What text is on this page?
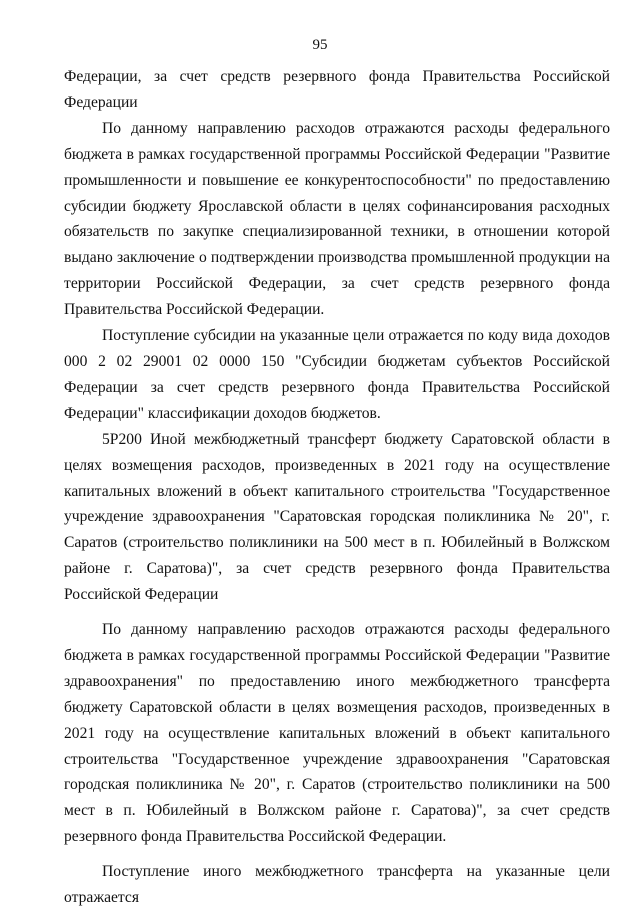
95

Федерации, за счет средств резервного фонда Правительства Российской Федерации

По данному направлению расходов отражаются расходы федерального бюджета в рамках государственной программы Российской Федерации "Развитие промышленности и повышение ее конкурентоспособности" по предоставлению субсидии бюджету Ярославской области в целях софинансирования расходных обязательств по закупке специализированной техники, в отношении которой выдано заключение о подтверждении производства промышленной продукции на территории Российской Федерации, за счет средств резервного фонда Правительства Российской Федерации.

Поступление субсидии на указанные цели отражается по коду вида доходов 000 2 02 29001 02 0000 150 "Субсидии бюджетам субъектов Российской Федерации за счет средств резервного фонда Правительства Российской Федерации" классификации доходов бюджетов.

5Р200 Иной межбюджетный трансферт бюджету Саратовской области в целях возмещения расходов, произведенных в 2021 году на осуществление капитальных вложений в объект капитального строительства "Государственное учреждение здравоохранения "Саратовская городская поликлиника № 20", г. Саратов (строительство поликлиники на 500 мест в п. Юбилейный в Волжском районе г. Саратова)", за счет средств резервного фонда Правительства Российской Федерации

По данному направлению расходов отражаются расходы федерального бюджета в рамках государственной программы Российской Федерации "Развитие здравоохранения" по предоставлению иного межбюджетного трансферта бюджету Саратовской области в целях возмещения расходов, произведенных в 2021 году на осуществление капитальных вложений в объект капитального строительства "Государственное учреждение здравоохранения "Саратовская городская поликлиника № 20", г. Саратов (строительство поликлиники на 500 мест в п. Юбилейный в Волжском районе г. Саратова)", за счет средств резервного фонда Правительства Российской Федерации.

Поступление иного межбюджетного трансферта на указанные цели отражается
